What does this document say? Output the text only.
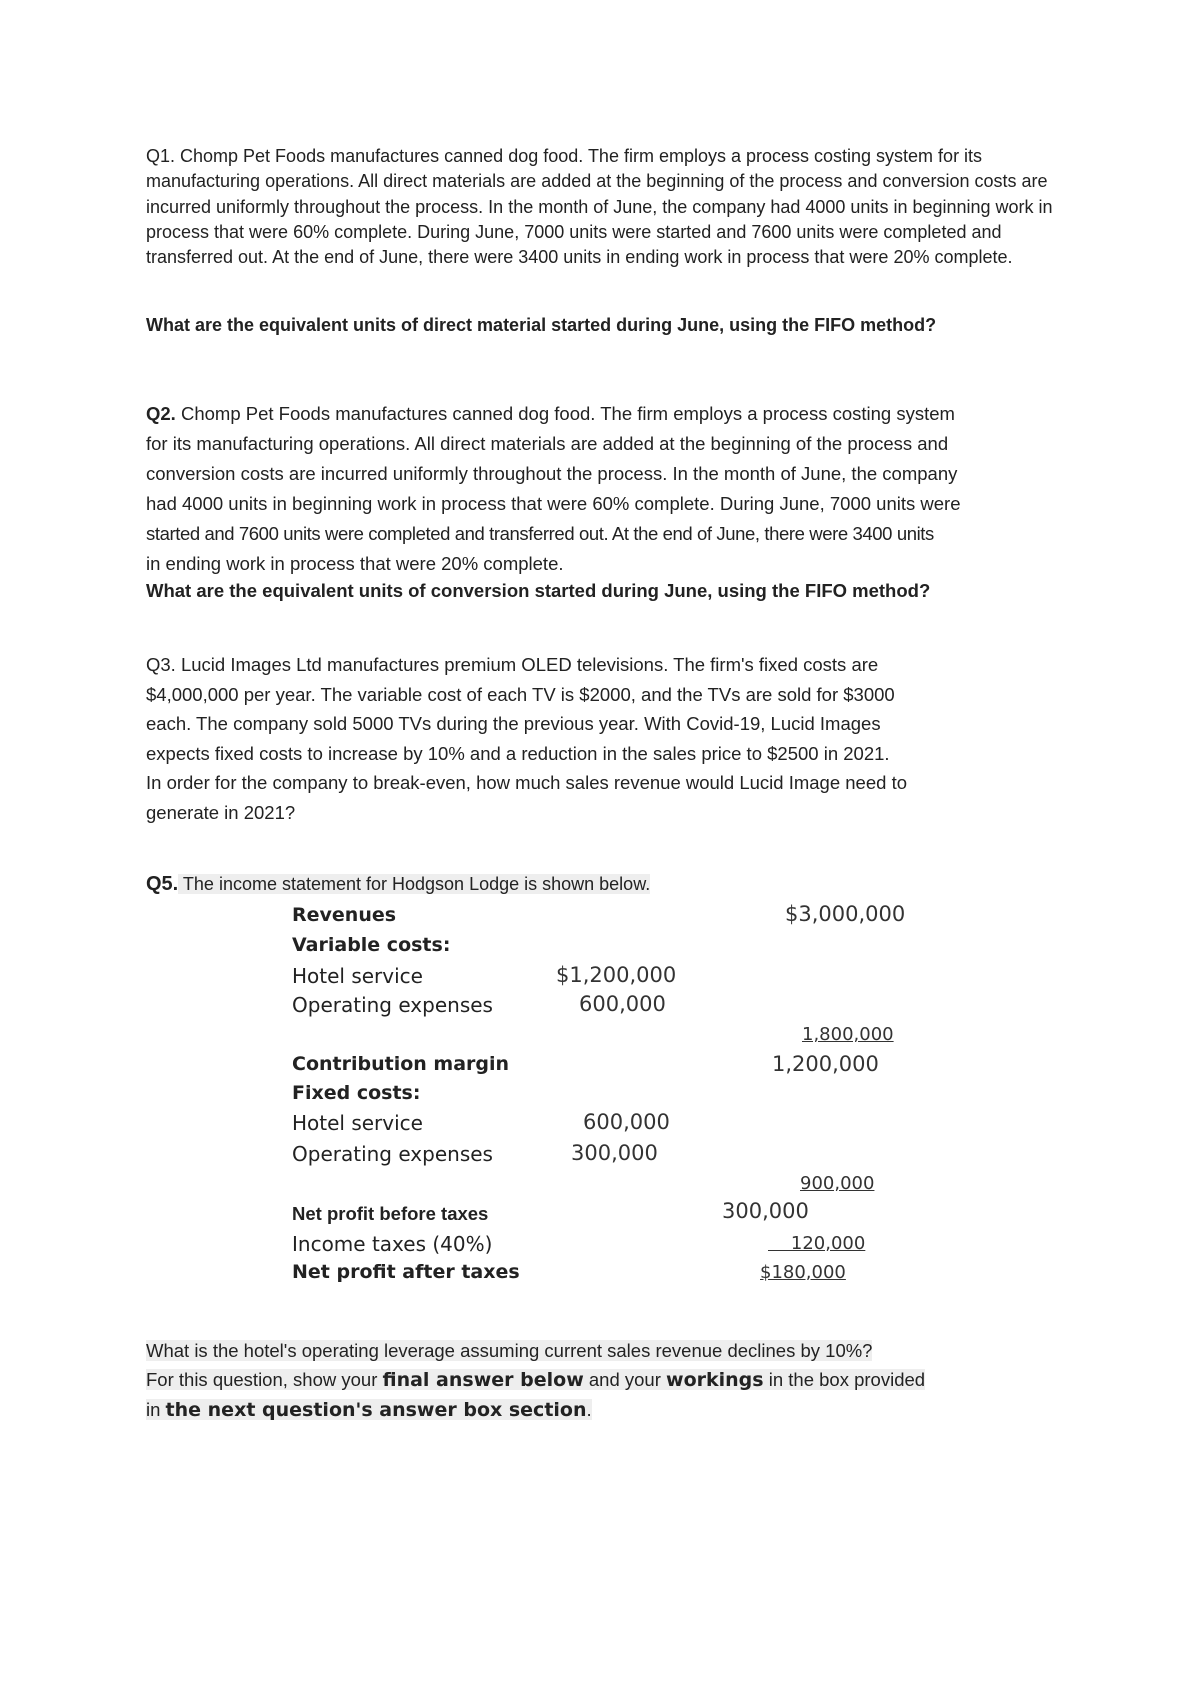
Q1. Chomp Pet Foods manufactures canned dog food. The firm employs a process costing system for its manufacturing operations. All direct materials are added at the beginning of the process and conversion costs are incurred uniformly throughout the process. In the month of June, the company had 4000 units in beginning work in process that were 60% complete. During June, 7000 units were started and 7600 units were completed and transferred out. At the end of June, there were 3400 units in ending work in process that were 20% complete.

What are the equivalent units of direct material started during June, using the FIFO method?

Q2. Chomp Pet Foods manufactures canned dog food. The firm employs a process costing system
for its manufacturing operations. All direct materials are added at the beginning of the process and
conversion costs are incurred uniformly throughout the process. In the month of June, the company
had 4000 units in beginning work in process that were 60% complete. During June, 7000 units were
started and 7600 units were completed and transferred out. At the end of June, there were 3400 units
in ending work in process that were 20% complete.

What are the equivalent units of conversion started during June, using the FIFO method?

Q3. Lucid Images Ltd manufactures premium OLED televisions. The firm's fixed costs are
$4,000,000 per year. The variable cost of each TV is $2000, and the TVs are sold for $3000
each. The company sold 5000 TVs during the previous year. With Covid-19, Lucid Images
expects fixed costs to increase by 10% and a reduction in the sales price to $2500 in 2021.
In order for the company to break-even, how much sales revenue would Lucid Image need to
generate in 2021?

Q5. The income statement for Hodgson Lodge is shown below.

Revenues	$3,000,000

Variable costs:

Hotel service	$1,200,000

Operating expenses	600,000

1,800,000

Contribution margin	1,200,000

Fixed costs:

Hotel service	600,000

Operating expenses	300,000

900,000

Net profit before taxes	300,000

Income taxes (40%)	120,000

Net profit after taxes	$180,000

What is the hotel's operating leverage assuming current sales revenue declines by 10%?
For this question, show your final answer below and your workings in the box provided
in the next question's answer box section.
